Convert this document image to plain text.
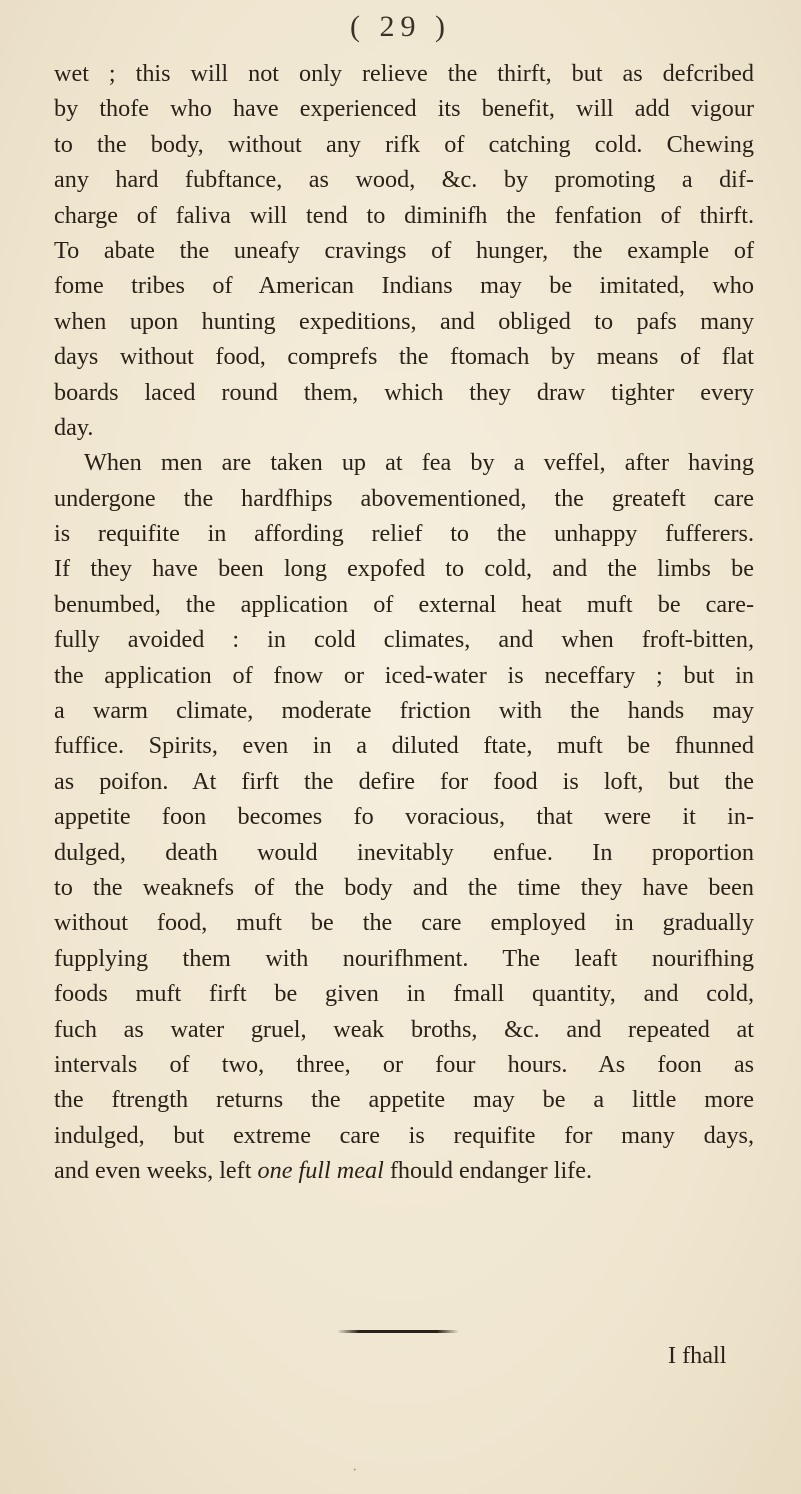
( 29 )
wet ; this will not only relieve the thirft, but as defcribed
by thofe who have experienced its benefit, will add vigour
to the body, without any rifk of catching cold. Chewing
any hard fubftance, as wood, &c. by promoting a dif-
charge of faliva will tend to diminifh the fenfation of thirft.
To abate the uneafy cravings of hunger, the example of
fome tribes of American Indians may be imitated, who
when upon hunting expeditions, and obliged to pafs many
days without food, comprefs the ftomach by means of flat
boards laced round them, which they draw tighter every
day.
When men are taken up at fea by a veffel, after having
undergone the hardfhips abovementioned, the greateft care
is requifite in affording relief to the unhappy fufferers.
If they have been long expofed to cold, and the limbs be
benumbed, the application of external heat muft be care-
fully avoided : in cold climates, and when froft-bitten,
the application of fnow or iced-water is neceffary ; but in
a warm climate, moderate friction with the hands may
fuffice. Spirits, even in a diluted ftate, muft be fhunned
as poifon. At firft the defire for food is loft, but the
appetite foon becomes fo voracious, that were it in-
dulged, death would inevitably enfue. In proportion
to the weaknefs of the body and the time they have been
without food, muft be the care employed in gradually
fupplying them with nourifhment. The leaft nourifhing
foods muft firft be given in fmall quantity, and cold,
fuch as water gruel, weak broths, &c. and repeated at
intervals of two, three, or four hours. As foon as
the ftrength returns the appetite may be a little more
indulged, but extreme care is requifite for many days,
and even weeks, left one full meal fhould endanger life.
I fhall
·
